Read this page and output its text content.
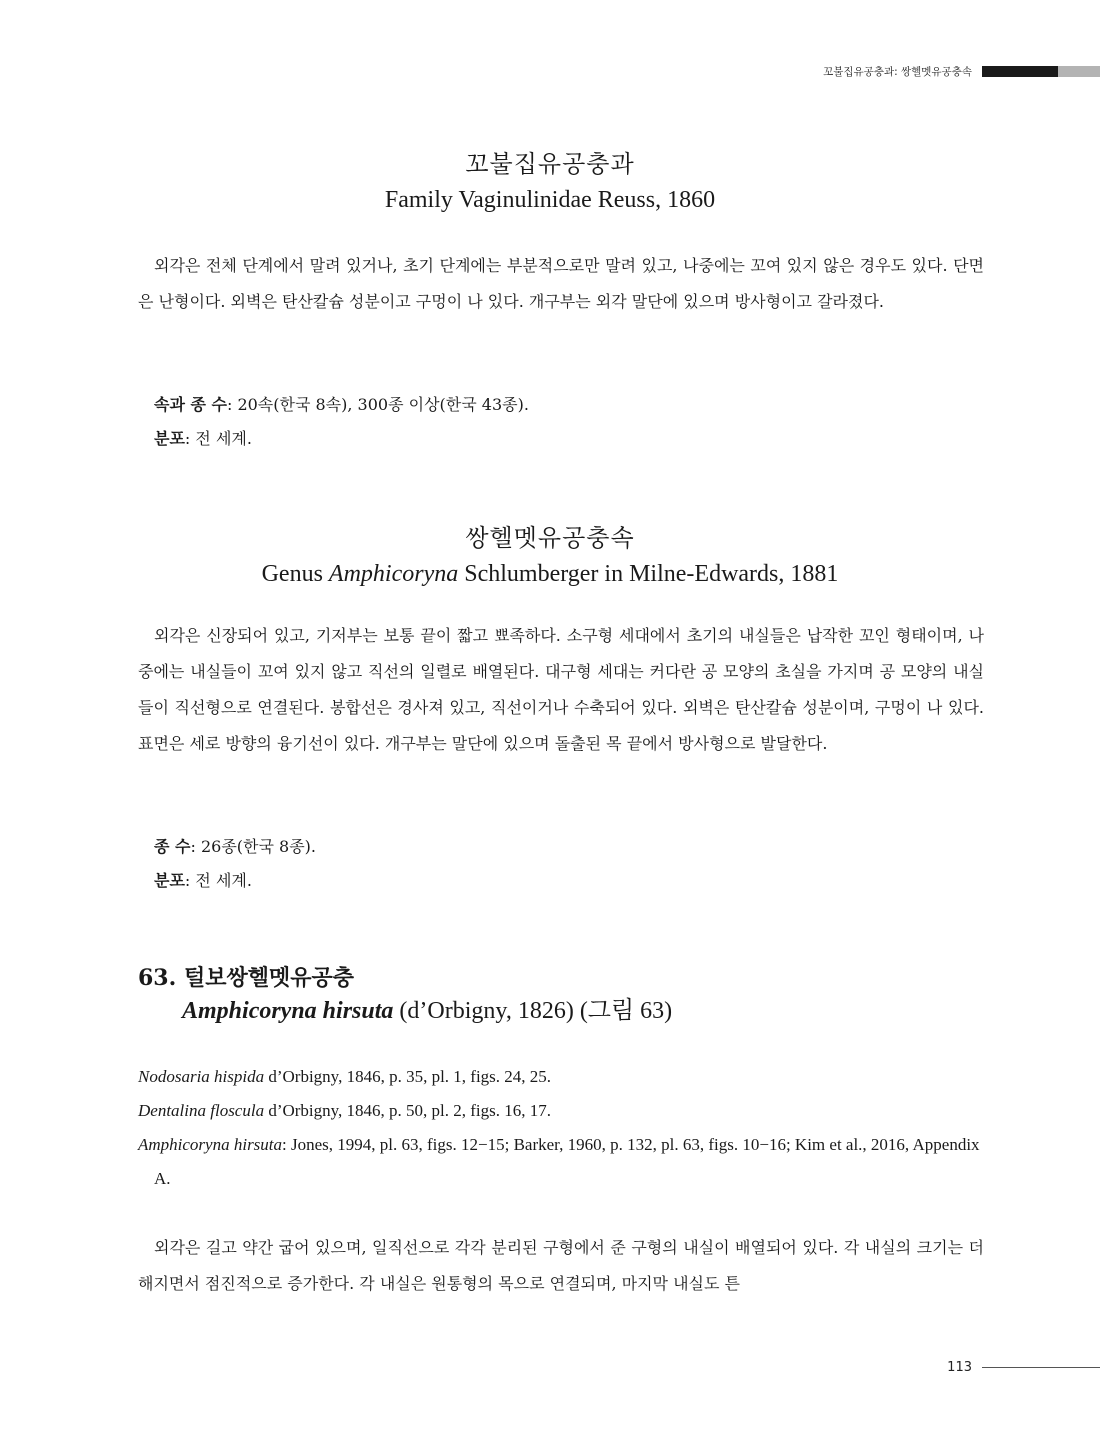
꼬불집유공충과: 쌍헬멧유공충속
꼬불집유공충과
Family Vaginulinidae Reuss, 1860

외각은 전체 단계에서 말려 있거나, 초기 단계에는 부분적으로만 말려 있고, 나중에는 꼬여 있지 않은 경우도 있다. 단면은 난형이다. 외벽은 탄산칼슘 성분이고 구멍이 나 있다. 개구부는 외각 말단에 있으며 방사형이고 갈라졌다.

속과 종 수: 20속(한국 8속), 300종 이상(한국 43종).
분포: 전 세계.
쌍헬멧유공충속
Genus Amphicoryna Schlumberger in Milne-Edwards, 1881

외각은 신장되어 있고, 기저부는 보통 끝이 짧고 뾰족하다. 소구형 세대에서 초기의 내실들은 납작한 꼬인 형태이며, 나중에는 내실들이 꼬여 있지 않고 직선의 일렬로 배열된다. 대구형 세대는 커다란 공 모양의 초실을 가지며 공 모양의 내실들이 직선형으로 연결된다. 봉합선은 경사져 있고, 직선이거나 수축되어 있다. 외벽은 탄산칼슘 성분이며, 구멍이 나 있다. 표면은 세로 방향의 융기선이 있다. 개구부는 말단에 있으며 돌출된 목 끝에서 방사형으로 발달한다.

종 수: 26종(한국 8종).
분포: 전 세계.
63. 털보쌍헬멧유공충
Amphicoryna hirsuta (d’Orbigny, 1826) (그림 63)
Nodosaria hispida d’Orbigny, 1846, p. 35, pl. 1, figs. 24, 25.
Dentalina floscula d’Orbigny, 1846, p. 50, pl. 2, figs. 16, 17.
Amphicoryna hirsuta: Jones, 1994, pl. 63, figs. 12−15; Barker, 1960, p. 132, pl. 63, figs. 10−16; Kim et al., 2016, Appendix A.

외각은 길고 약간 굽어 있으며, 일직선으로 각각 분리된 구형에서 준 구형의 내실이 배열되어 있다. 각 내실의 크기는 더해지면서 점진적으로 증가한다. 각 내실은 원통형의 목으로 연결되며, 마지막 내실도 튼

113
